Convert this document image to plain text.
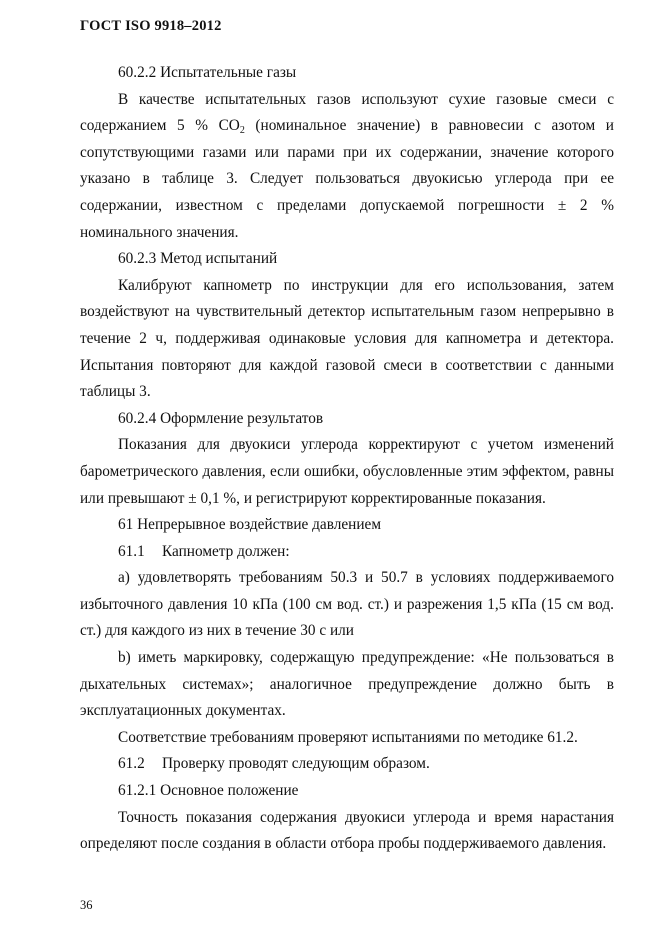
ГОСТ ISO 9918–2012

60.2.2 Испытательные газы

В качестве испытательных газов используют сухие газовые смеси с содержанием 5 % $CO_2$ (номинальное значение) в равновесии с азотом и сопутствующими газами или парами при их содержании, значение которого указано в таблице 3. Следует пользоваться двуокисью углерода при ее содержании, известном с пределами допускаемой погрешности ± 2 % номинального значения.

60.2.3 Метод испытаний

Калибруют капнометр по инструкции для его использования, затем воздействуют на чувствительный детектор испытательным газом непрерывно в течение 2 ч, поддерживая одинаковые условия для капнометра и детектора. Испытания повторяют для каждой газовой смеси в соответствии с данными таблицы 3.

60.2.4 Оформление результатов

Показания для двуокиси углерода корректируют с учетом изменений барометрического давления, если ошибки, обусловленные этим эффектом, равны или превышают ± 0,1 %, и регистрируют корректированные показания.

61 Непрерывное воздействие давлением

61.1 Капнометр должен:

a) удовлетворять требованиям 50.3 и 50.7 в условиях поддерживаемого избыточного давления 10 кПа (100 см вод. ст.) и разрежения 1,5 кПа (15 см вод. ст.) для каждого из них в течение 30 с или

b) иметь маркировку, содержащую предупреждение: «Не пользоваться в дыхательных системах»; аналогичное предупреждение должно быть в эксплуатационных документах.

Соответствие требованиям проверяют испытаниями по методике 61.2.

61.2 Проверку проводят следующим образом.

61.2.1 Основное положение

Точность показания содержания двуокиси углерода и время нарастания определяют после создания в области отбора пробы поддерживаемого давления.

36
